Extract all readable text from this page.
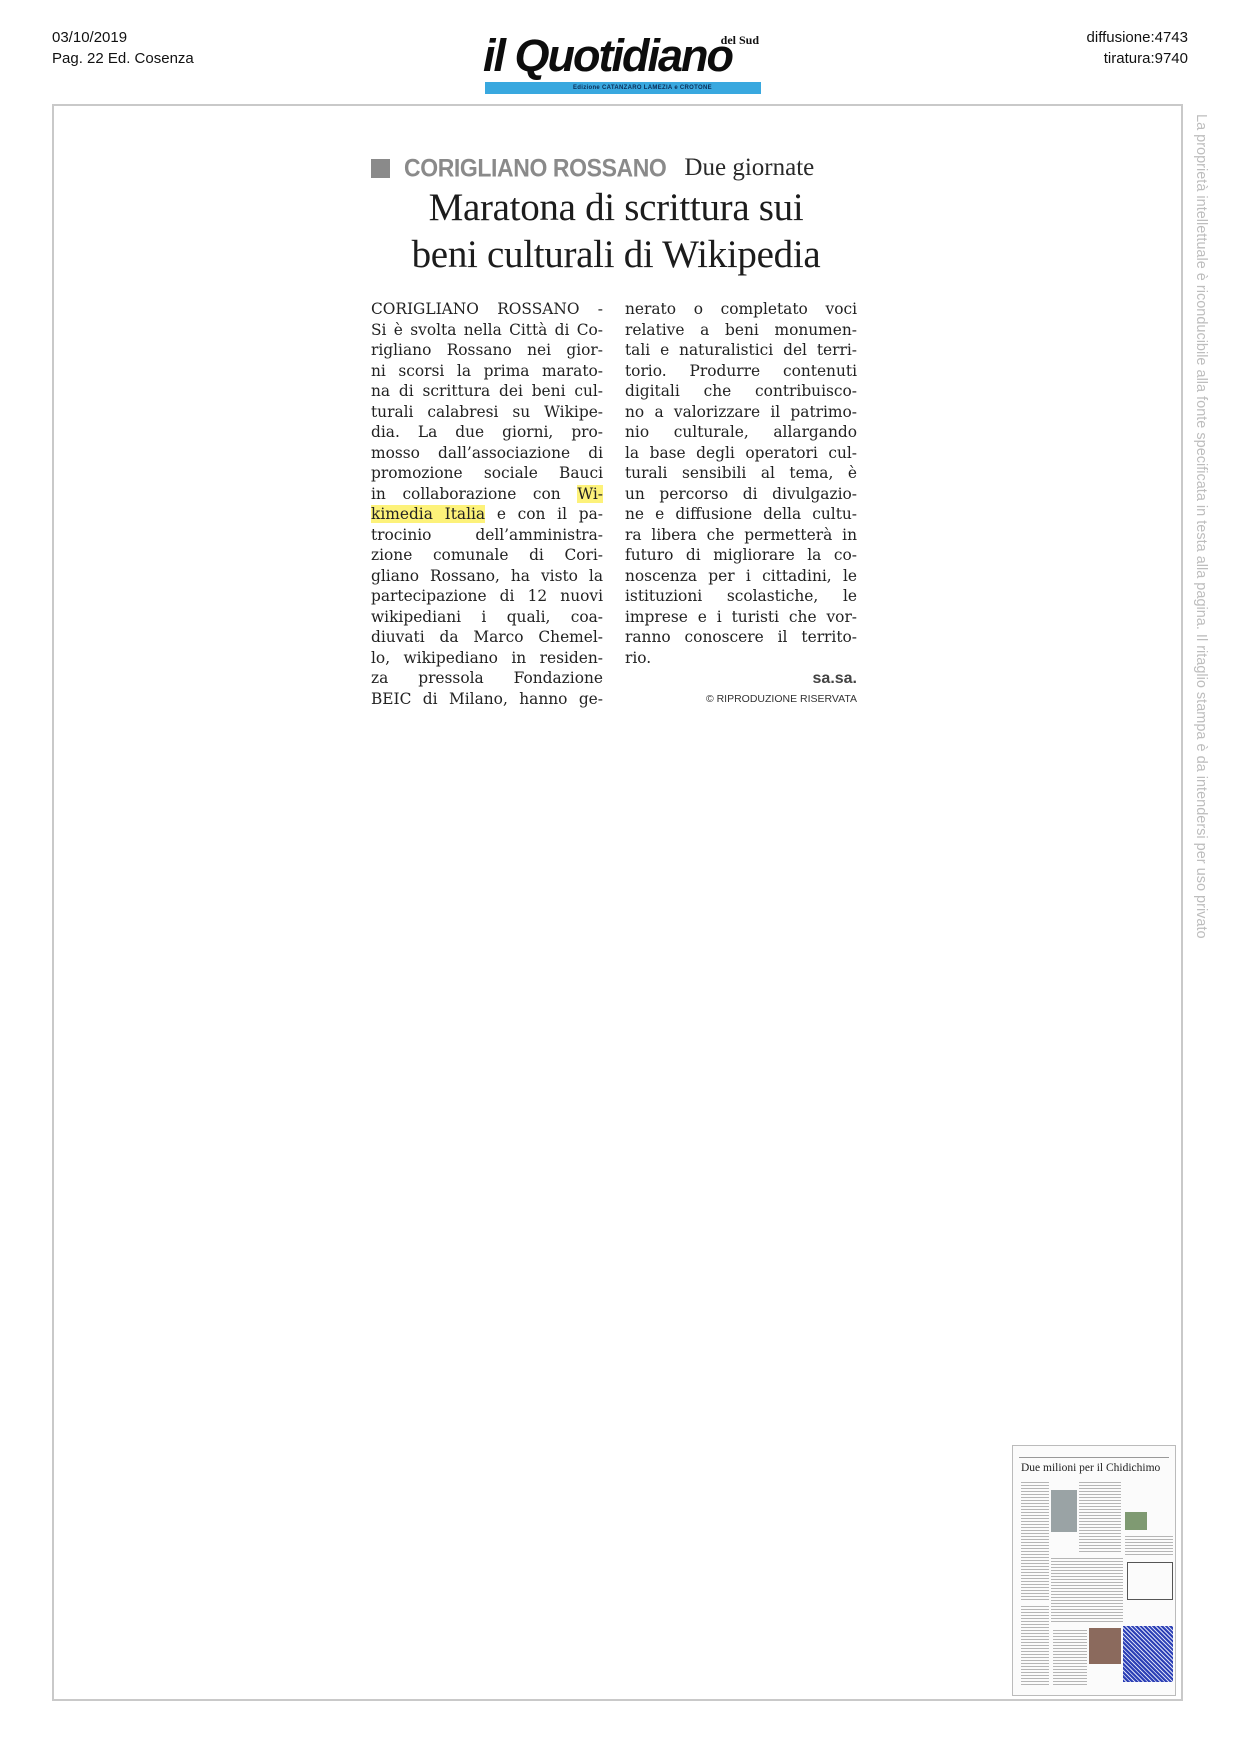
03/10/2019
Pag. 22 Ed. Cosenza
diffusione:4743
tiratura:9740
il Quotidiano
del Sud
Edizione CATANZARO LAMEZIA e CROTONE
La proprietà intellettuale è riconducibile alla fonte specificata in testa alla pagina. Il ritaglio stampa è da intendersi per uso privato
CORIGLIANO ROSSANO Due giornate
Maratona di scrittura sui
beni culturali di Wikipedia
CORIGLIANO ROSSANO -
Si è svolta nella Città di Co-
rigliano Rossano nei gior-
ni scorsi la prima marato-
na di scrittura dei beni cul-
turali calabresi su Wikipe-
dia. La due giorni, pro-
mosso dall’associazione di
promozione sociale Bauci
in collaborazione con Wi-
kimedia Italia e con il pa-
trocinio dell’amministra-
zione comunale di Cori-
gliano Rossano, ha visto la
partecipazione di 12 nuovi
wikipediani i quali, coa-
diuvati da Marco Chemel-
lo, wikipediano in residen-
za pressola Fondazione
BEIC di Milano, hanno ge-
nerato o completato voci
relative a beni monumen-
tali e naturalistici del terri-
torio. Produrre contenuti
digitali che contribuisco-
no a valorizzare il patrimo-
nio culturale, allargando
la base degli operatori cul-
turali sensibili al tema, è
un percorso di divulgazio-
ne e diffusione della cultu-
ra libera che permetterà in
futuro di migliorare la co-
noscenza per i cittadini, le
istituzioni scolastiche, le
imprese e i turisti che vor-
ranno conoscere il territo-
rio.
sa.sa.
© RIPRODUZIONE RISERVATA
Due milioni per il Chidichimo
